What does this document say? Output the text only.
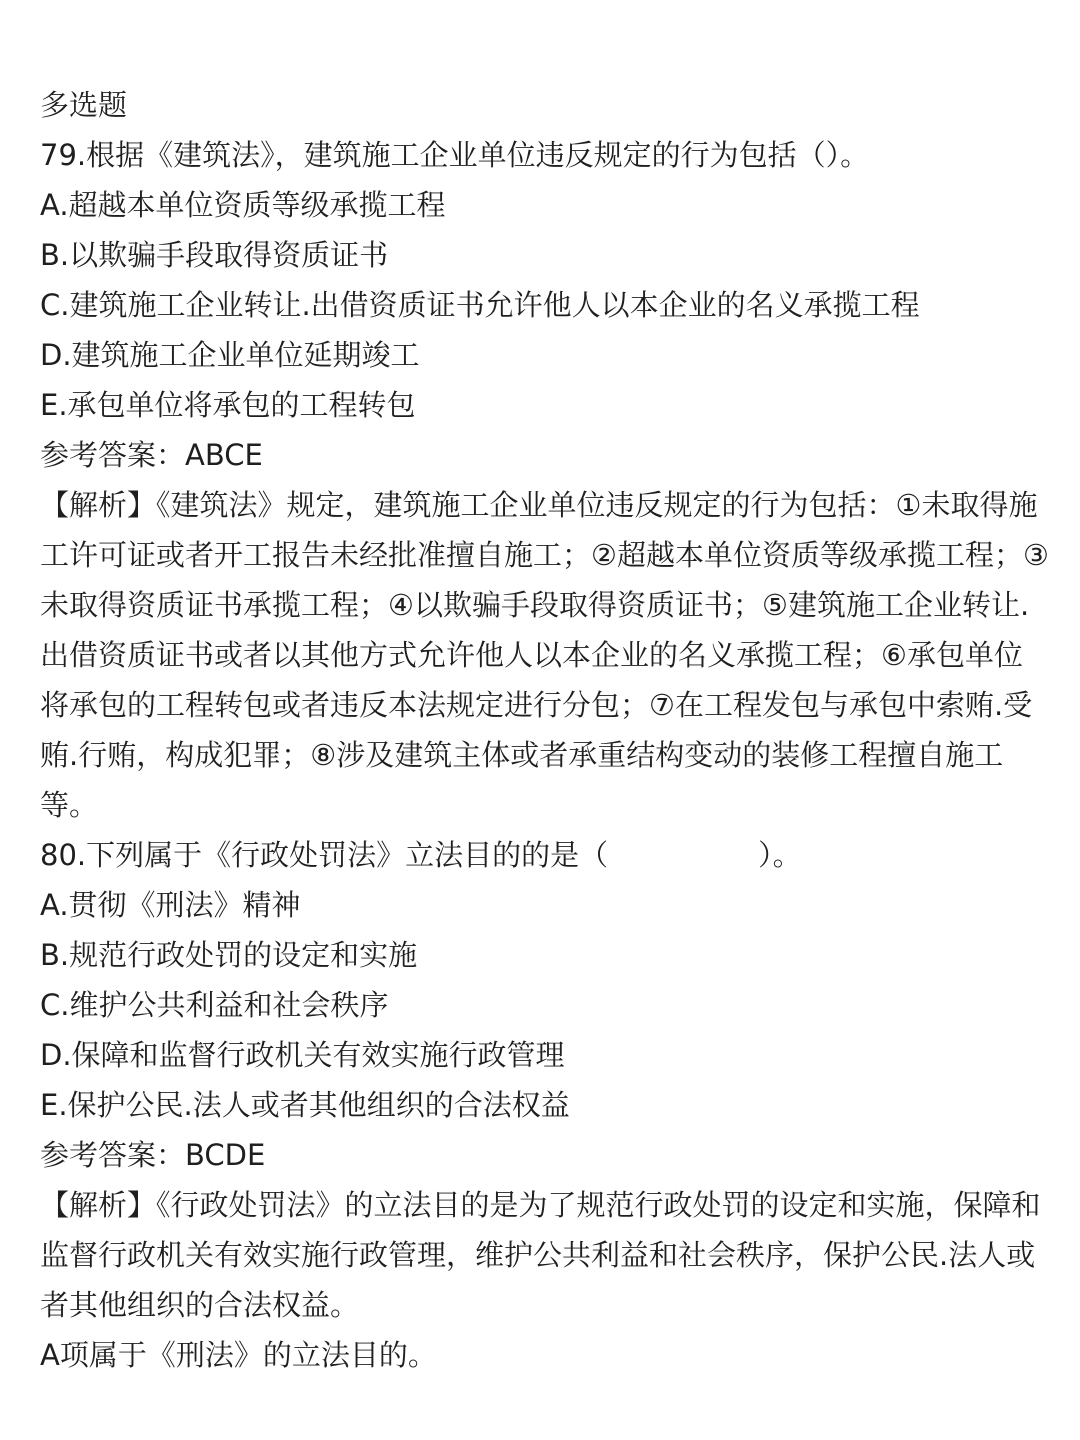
多选题
79.根据《建筑法》，建筑施工企业单位违反规定的行为包括（）。
A.超越本单位资质等级承揽工程
B.以欺骗手段取得资质证书
C.建筑施工企业转让.出借资质证书允许他人以本企业的名义承揽工程
D.建筑施工企业单位延期竣工
E.承包单位将承包的工程转包
参考答案：ABCE
【解析】《建筑法》规定，建筑施工企业单位违反规定的行为包括：①未取得施工许可证或者开工报告未经批准擅自施工；②超越本单位资质等级承揽工程；③未取得资质证书承揽工程；④以欺骗手段取得资质证书；⑤建筑施工企业转让.出借资质证书或者以其他方式允许他人以本企业的名义承揽工程；⑥承包单位将承包的工程转包或者违反本法规定进行分包；⑦在工程发包与承包中索贿.受贿.行贿，构成犯罪；⑧涉及建筑主体或者承重结构变动的装修工程擅自施工等。
80.下列属于《行政处罚法》立法目的的是（	）。
A.贯彻《刑法》精神
B.规范行政处罚的设定和实施
C.维护公共利益和社会秩序
D.保障和监督行政机关有效实施行政管理
E.保护公民.法人或者其他组织的合法权益
参考答案：BCDE
【解析】《行政处罚法》的立法目的是为了规范行政处罚的设定和实施，保障和监督行政机关有效实施行政管理，维护公共利益和社会秩序，保护公民.法人或者其他组织的合法权益。
A项属于《刑法》的立法目的。
